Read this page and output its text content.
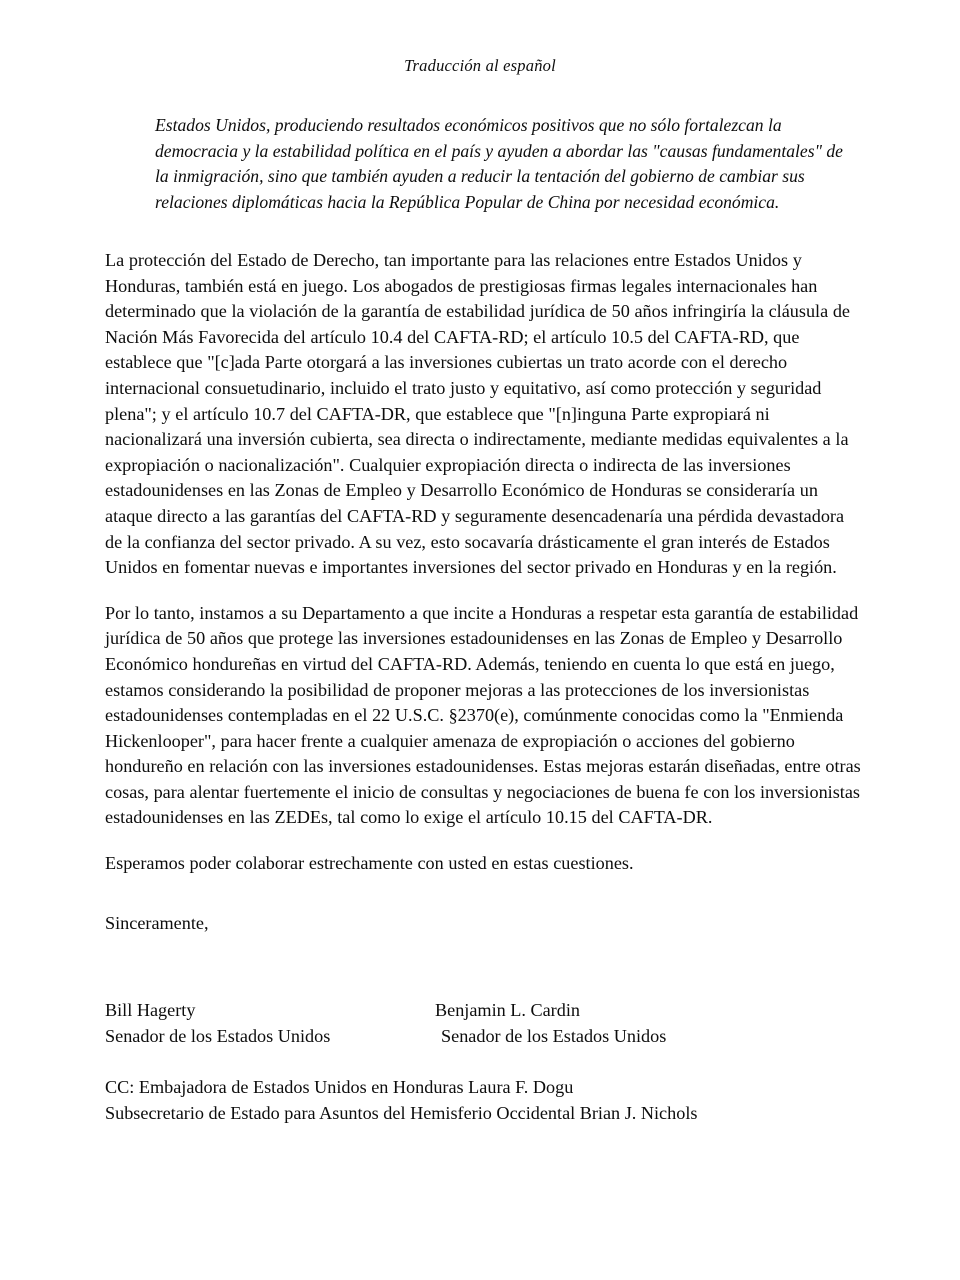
Traducción al español
Estados Unidos, produciendo resultados económicos positivos que no sólo fortalezcan la democracia y la estabilidad política en el país y ayuden a abordar las "causas fundamentales" de la inmigración, sino que también ayuden a reducir la tentación del gobierno de cambiar sus relaciones diplomáticas hacia la República Popular de China por necesidad económica.

La protección del Estado de Derecho, tan importante para las relaciones entre Estados Unidos y Honduras, también está en juego. Los abogados de prestigiosas firmas legales internacionales han determinado que la violación de la garantía de estabilidad jurídica de 50 años infringiría la cláusula de Nación Más Favorecida del artículo 10.4 del CAFTA-RD; el artículo 10.5 del CAFTA-RD, que establece que "[c]ada Parte otorgará a las inversiones cubiertas un trato acorde con el derecho internacional consuetudinario, incluido el trato justo y equitativo, así como protección y seguridad plena"; y el artículo 10.7 del CAFTA-DR, que establece que "[n]inguna Parte expropiará ni nacionalizará una inversión cubierta, sea directa o indirectamente, mediante medidas equivalentes a la expropiación o nacionalización". Cualquier expropiación directa o indirecta de las inversiones estadounidenses en las Zonas de Empleo y Desarrollo Económico de Honduras se consideraría un ataque directo a las garantías del CAFTA-RD y seguramente desencadenaría una pérdida devastadora de la confianza del sector privado. A su vez, esto socavaría drásticamente el gran interés de Estados Unidos en fomentar nuevas e importantes inversiones del sector privado en Honduras y en la región.

Por lo tanto, instamos a su Departamento a que incite a Honduras a respetar esta garantía de estabilidad jurídica de 50 años que protege las inversiones estadounidenses en las Zonas de Empleo y Desarrollo Económico hondureñas en virtud del CAFTA-RD. Además, teniendo en cuenta lo que está en juego, estamos considerando la posibilidad de proponer mejoras a las protecciones de los inversionistas estadounidenses contempladas en el 22 U.S.C. §2370(e), comúnmente conocidas como la "Enmienda Hickenlooper", para hacer frente a cualquier amenaza de expropiación o acciones del gobierno hondureño en relación con las inversiones estadounidenses. Estas mejoras estarán diseñadas, entre otras cosas, para alentar fuertemente el inicio de consultas y negociaciones de buena fe con los inversionistas estadounidenses en las ZEDEs, tal como lo exige el artículo 10.15 del CAFTA-DR.

Esperamos poder colaborar estrechamente con usted en estas cuestiones.

Sinceramente,

Bill Hagerty
Senador de los Estados Unidos
Benjamin L. Cardin
Senador de los Estados Unidos
CC: Embajadora de Estados Unidos en Honduras Laura F. Dogu
Subsecretario de Estado para Asuntos del Hemisferio Occidental Brian J. Nichols
